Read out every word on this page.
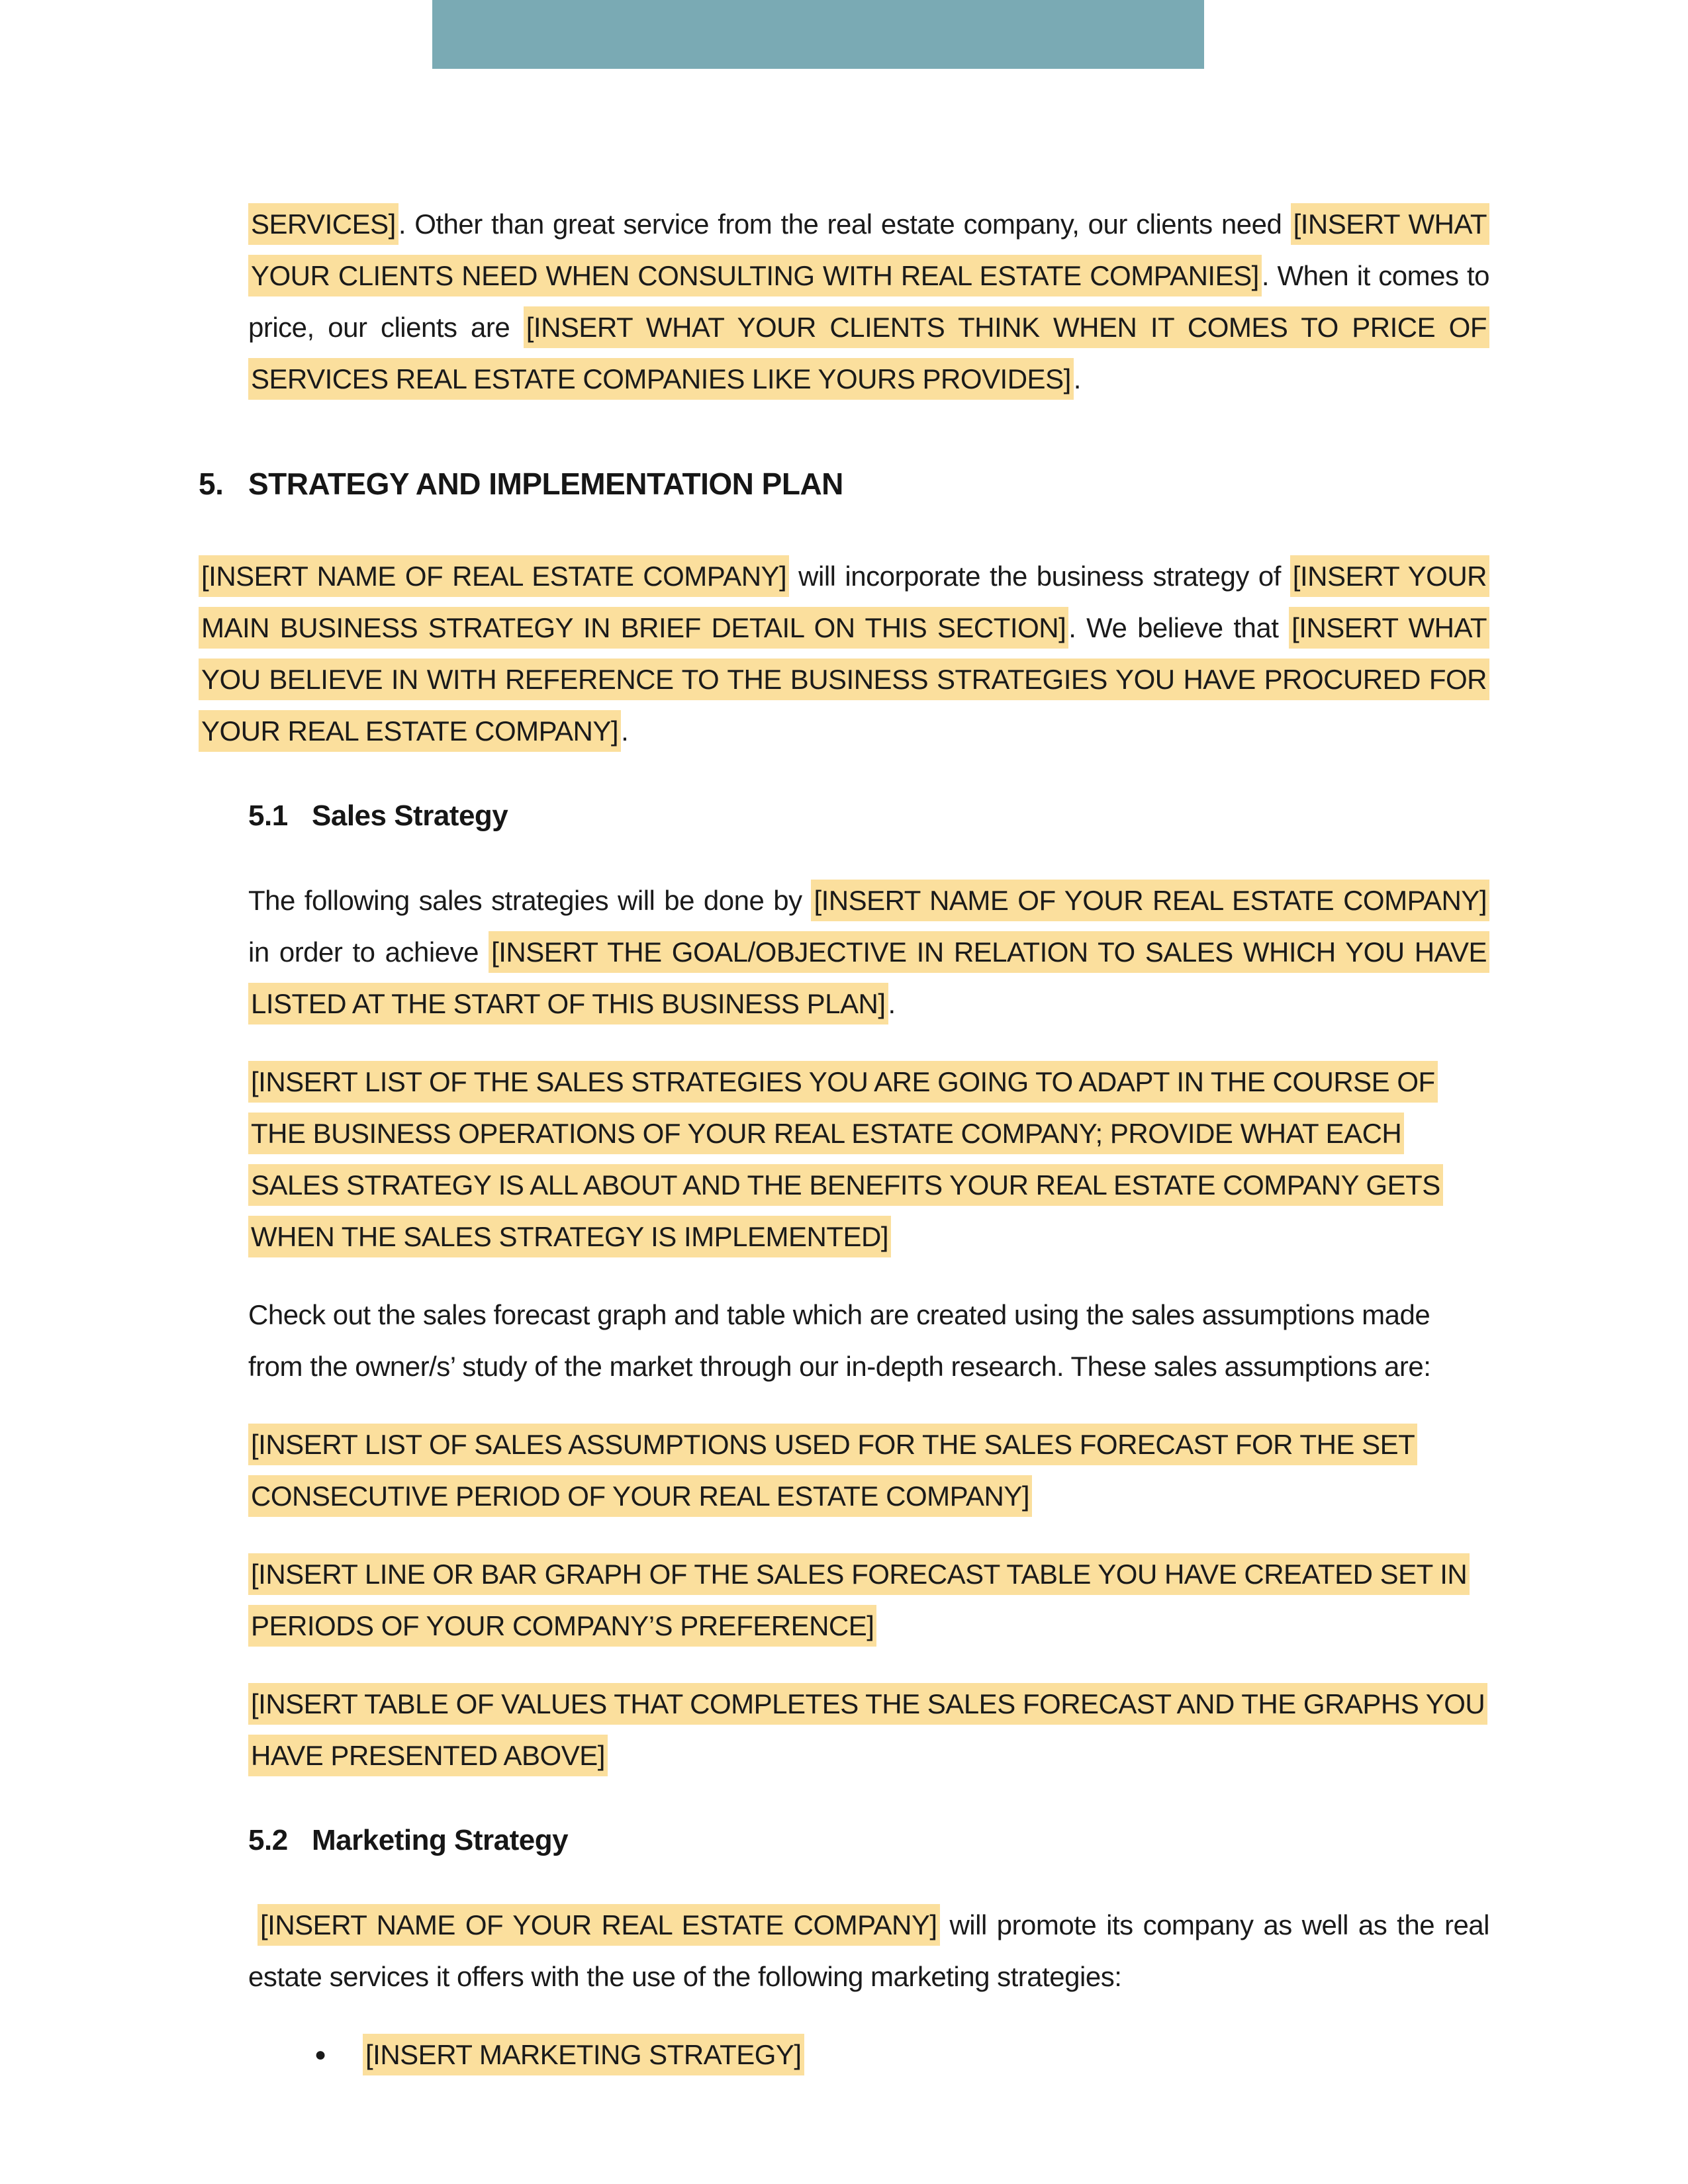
SERVICES]. Other than great service from the real estate company, our clients need [INSERT WHAT YOUR CLIENTS NEED WHEN CONSULTING WITH REAL ESTATE COMPANIES]. When it comes to price, our clients are [INSERT WHAT YOUR CLIENTS THINK WHEN IT COMES TO PRICE OF SERVICES REAL ESTATE COMPANIES LIKE YOURS PROVIDES].

5. STRATEGY AND IMPLEMENTATION PLAN

[INSERT NAME OF REAL ESTATE COMPANY] will incorporate the business strategy of [INSERT YOUR MAIN BUSINESS STRATEGY IN BRIEF DETAIL ON THIS SECTION]. We believe that [INSERT WHAT YOU BELIEVE IN WITH REFERENCE TO THE BUSINESS STRATEGIES YOU HAVE PROCURED FOR YOUR REAL ESTATE COMPANY].

5.1 Sales Strategy

The following sales strategies will be done by [INSERT NAME OF YOUR REAL ESTATE COMPANY] in order to achieve [INSERT THE GOAL/OBJECTIVE IN RELATION TO SALES WHICH YOU HAVE LISTED AT THE START OF THIS BUSINESS PLAN].

[INSERT LIST OF THE SALES STRATEGIES YOU ARE GOING TO ADAPT IN THE COURSE OF THE BUSINESS OPERATIONS OF YOUR REAL ESTATE COMPANY; PROVIDE WHAT EACH SALES STRATEGY IS ALL ABOUT AND THE BENEFITS YOUR REAL ESTATE COMPANY GETS WHEN THE SALES STRATEGY IS IMPLEMENTED]

Check out the sales forecast graph and table which are created using the sales assumptions made from the owner/s’ study of the market through our in-depth research. These sales assumptions are:

[INSERT LIST OF SALES ASSUMPTIONS USED FOR THE SALES FORECAST FOR THE SET CONSECUTIVE PERIOD OF YOUR REAL ESTATE COMPANY]

[INSERT LINE OR BAR GRAPH OF THE SALES FORECAST TABLE YOU HAVE CREATED SET IN PERIODS OF YOUR COMPANY’S PREFERENCE]

[INSERT TABLE OF VALUES THAT COMPLETES THE SALES FORECAST AND THE GRAPHS YOU HAVE PRESENTED ABOVE]

5.2 Marketing Strategy

[INSERT NAME OF YOUR REAL ESTATE COMPANY] will promote its company as well as the real estate services it offers with the use of the following marketing strategies:

● [INSERT MARKETING STRATEGY]
